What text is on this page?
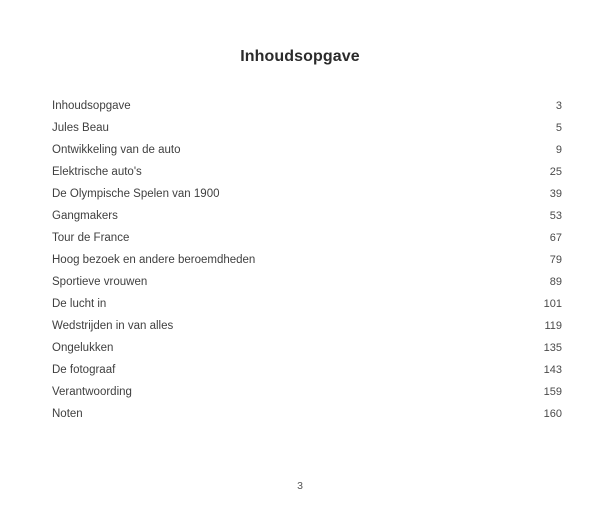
Inhoudsopgave
Inhoudsopgave	3
Jules Beau	5
Ontwikkeling van de auto	9
Elektrische auto's	25
De Olympische Spelen van 1900	39
Gangmakers	53
Tour de France	67
Hoog bezoek en andere beroemdheden	79
Sportieve vrouwen	89
De lucht in	101
Wedstrijden in van alles	119
Ongelukken	135
De fotograaf	143
Verantwoording	159
Noten	160
3
